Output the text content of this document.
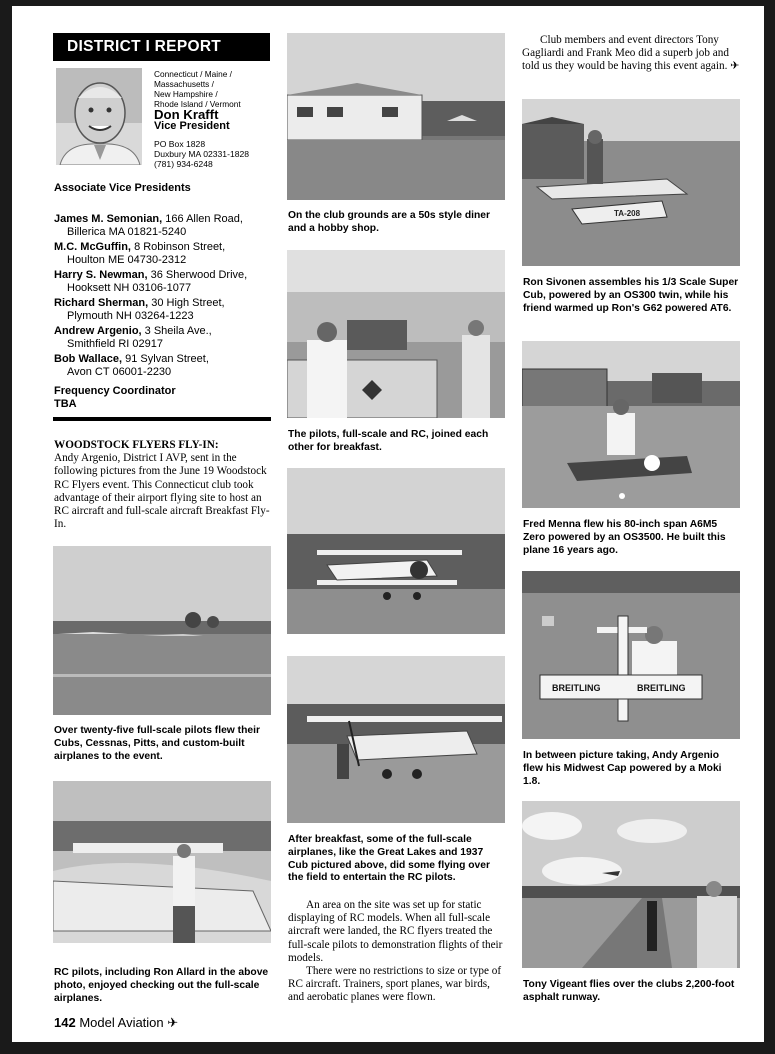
DISTRICT I REPORT
Connecticut / Maine /
Massachusetts /
New Hampshire /
Rhode Island / Vermont
Don Krafft
Vice President
PO Box 1828
Duxbury MA 02331-1828
(781) 934-6248
Associate Vice Presidents
James M. Semonian, 166 Allen Road,
Billerica MA 01821-5240
M.C. McGuffin, 8 Robinson Street,
Houlton ME 04730-2312
Harry S. Newman, 36 Sherwood Drive,
Hooksett NH 03106-1077
Richard Sherman, 30 High Street,
Plymouth NH 03264-1223
Andrew Argenio, 3 Sheila Ave.,
Smithfield RI 02917
Bob Wallace, 91 Sylvan Street,
Avon CT 06001-2230
Frequency Coordinator
TBA
WOODSTOCK FLYERS FLY-IN:
Andy Argenio, District I AVP, sent in the following pictures from the June 19 Woodstock RC Flyers event. This Connecticut club took advantage of their airport flying site to host an RC aircraft and full-scale aircraft Breakfast Fly-In.
Over twenty-five full-scale pilots flew their Cubs, Cessnas, Pitts, and custom-built airplanes to the event.
RC pilots, including Ron Allard in the above photo, enjoyed checking out the full-scale airplanes.
142 Model Aviation ✈
On the club grounds are a 50s style diner and a hobby shop.
The pilots, full-scale and RC, joined each other for breakfast.
After breakfast, some of the full-scale airplanes, like the Great Lakes and 1937 Cub pictured above, did some flying over the field to entertain the RC pilots.

An area on the site was set up for static displaying of RC models. When all full-scale aircraft were landed, the RC flyers treated the full-scale pilots to demonstration flights of their models.

There were no restrictions to size or type of RC aircraft. Trainers, sport planes, war birds, and aerobatic planes were flown.

Club members and event directors Tony Gagliardi and Frank Meo did a superb job and told us they would be having this event again. ✈
TA-208
Ron Sivonen assembles his 1/3 Scale Super Cub, powered by an OS300 twin, while his friend warmed up Ron's G62 powered AT6.
Fred Menna flew his 80-inch span A6M5 Zero powered by an OS3500. He built this plane 16 years ago.
BREITLING	BREITLING
In between picture taking, Andy Argenio flew his Midwest Cap powered by a Moki 1.8.
Tony Vigeant flies over the clubs 2,200-foot asphalt runway.
